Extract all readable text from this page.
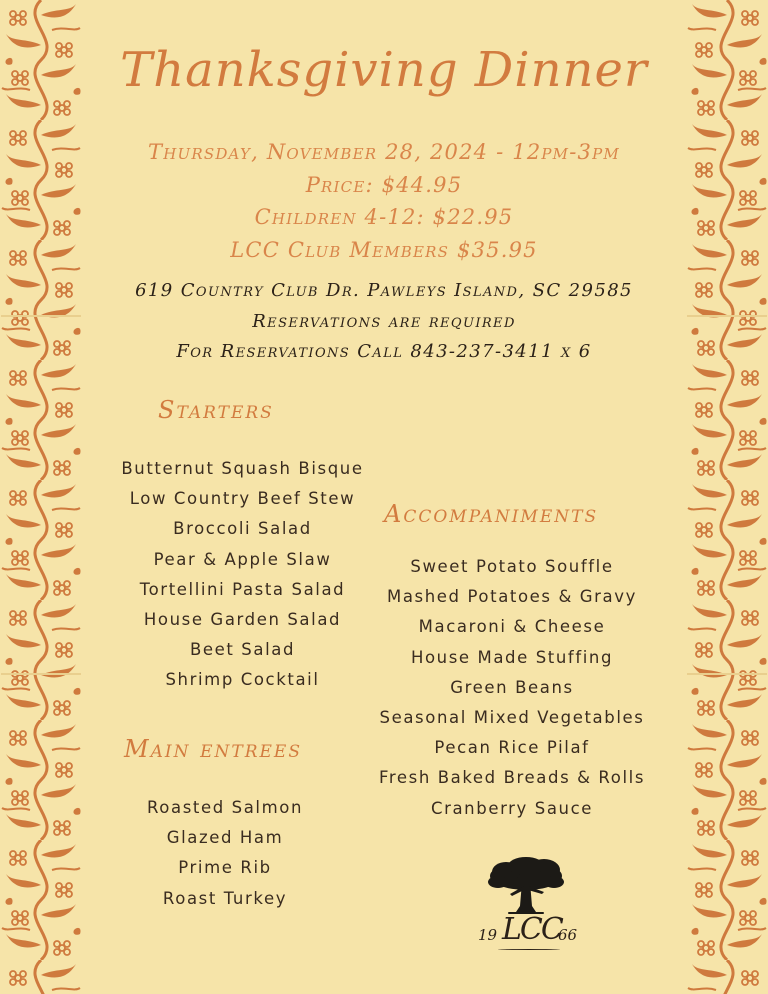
Thanksgiving Dinner
Thursday, November 28, 2024 - 12pm-3pm
Price: $44.95
Children 4-12: $22.95
LCC Club Members $35.95
619 Country Club Dr. Pawleys Island, SC 29585
Reservations are required
For Reservations Call 843-237-3411 x 6
Starters
Butternut Squash Bisque
Low Country Beef Stew
Broccoli Salad
Pear & Apple Slaw
Tortellini Pasta Salad
House Garden Salad
Beet Salad
Shrimp Cocktail
Accompaniments
Sweet Potato Souffle
Mashed Potatoes & Gravy
Macaroni & Cheese
House Made Stuffing
Green Beans
Seasonal Mixed Vegetables
Pecan Rice Pilaf
Fresh Baked Breads & Rolls
Cranberry Sauce
Main entrees
Roasted Salmon
Glazed Ham
Prime Rib
Roast Turkey
19 LCC
66
